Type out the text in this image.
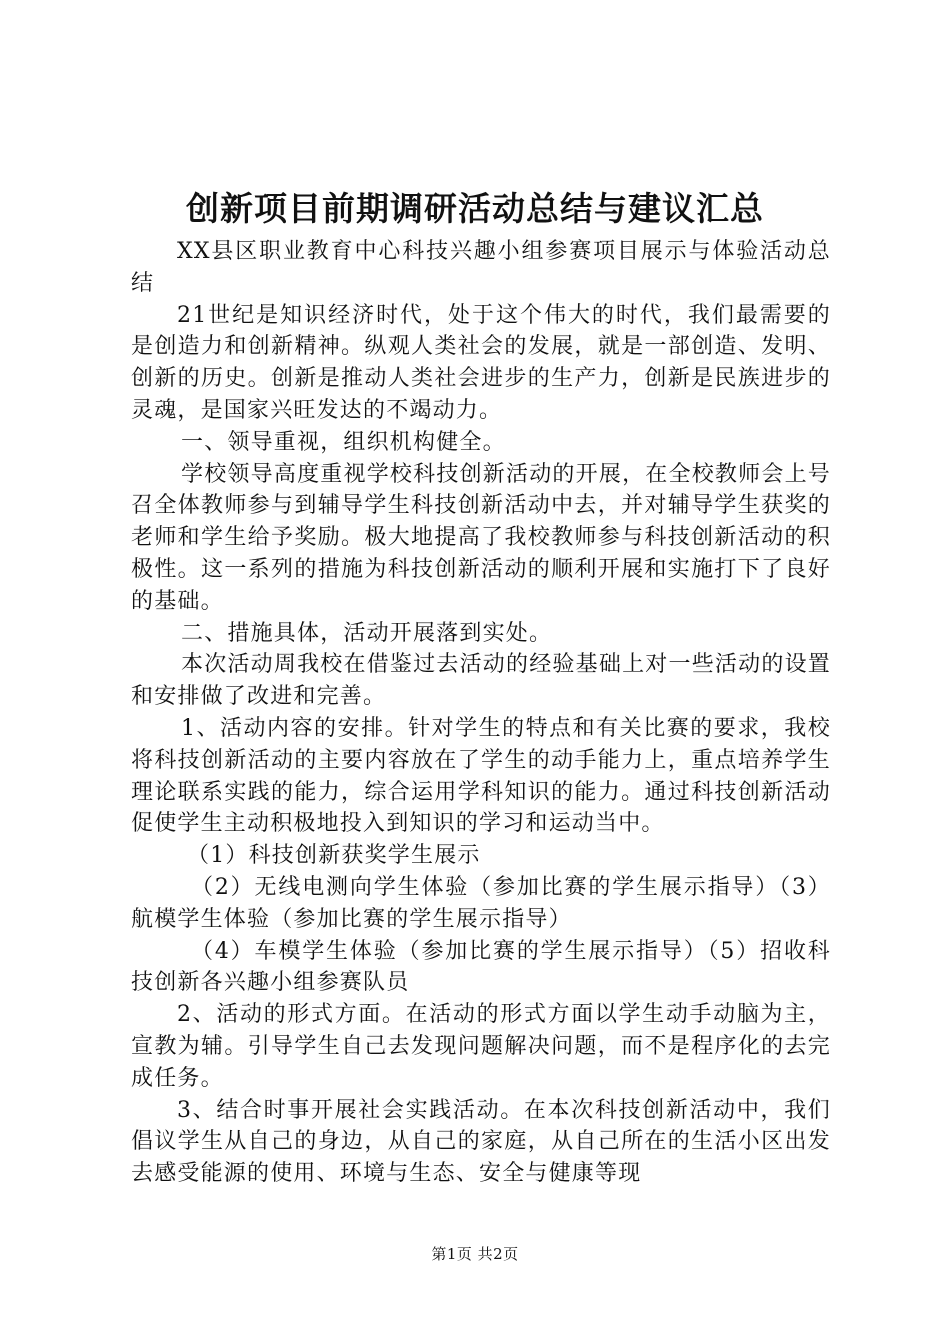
创新项目前期调研活动总结与建议汇总

XX县区职业教育中心科技兴趣小组参赛项目展示与体验活动总结

21世纪是知识经济时代，处于这个伟大的时代，我们最需要的是创造力和创新精神。纵观人类社会的发展，就是一部创造、发明、创新的历史。创新是推动人类社会进步的生产力，创新是民族进步的灵魂，是国家兴旺发达的不竭动力。

一、领导重视，组织机构健全。

学校领导高度重视学校科技创新活动的开展，在全校教师会上号召全体教师参与到辅导学生科技创新活动中去，并对辅导学生获奖的老师和学生给予奖励。极大地提高了我校教师参与科技创新活动的积极性。这一系列的措施为科技创新活动的顺利开展和实施打下了良好的基础。

二、措施具体，活动开展落到实处。

本次活动周我校在借鉴过去活动的经验基础上对一些活动的设置和安排做了改进和完善。

1、活动内容的安排。针对学生的特点和有关比赛的要求，我校将科技创新活动的主要内容放在了学生的动手能力上，重点培养学生理论联系实践的能力，综合运用学科知识的能力。通过科技创新活动促使学生主动积极地投入到知识的学习和运动当中。

（1）科技创新获奖学生展示

（2）无线电测向学生体验（参加比赛的学生展示指导）（3）航模学生体验（参加比赛的学生展示指导）

（4）车模学生体验（参加比赛的学生展示指导）（5）招收科技创新各兴趣小组参赛队员

2、活动的形式方面。在活动的形式方面以学生动手动脑为主，宣教为辅。引导学生自己去发现问题解决问题，而不是程序化的去完成任务。

3、结合时事开展社会实践活动。在本次科技创新活动中，我们倡议学生从自己的身边，从自己的家庭，从自己所在的生活小区出发去感受能源的使用、环境与生态、安全与健康等现

第1页 共2页
